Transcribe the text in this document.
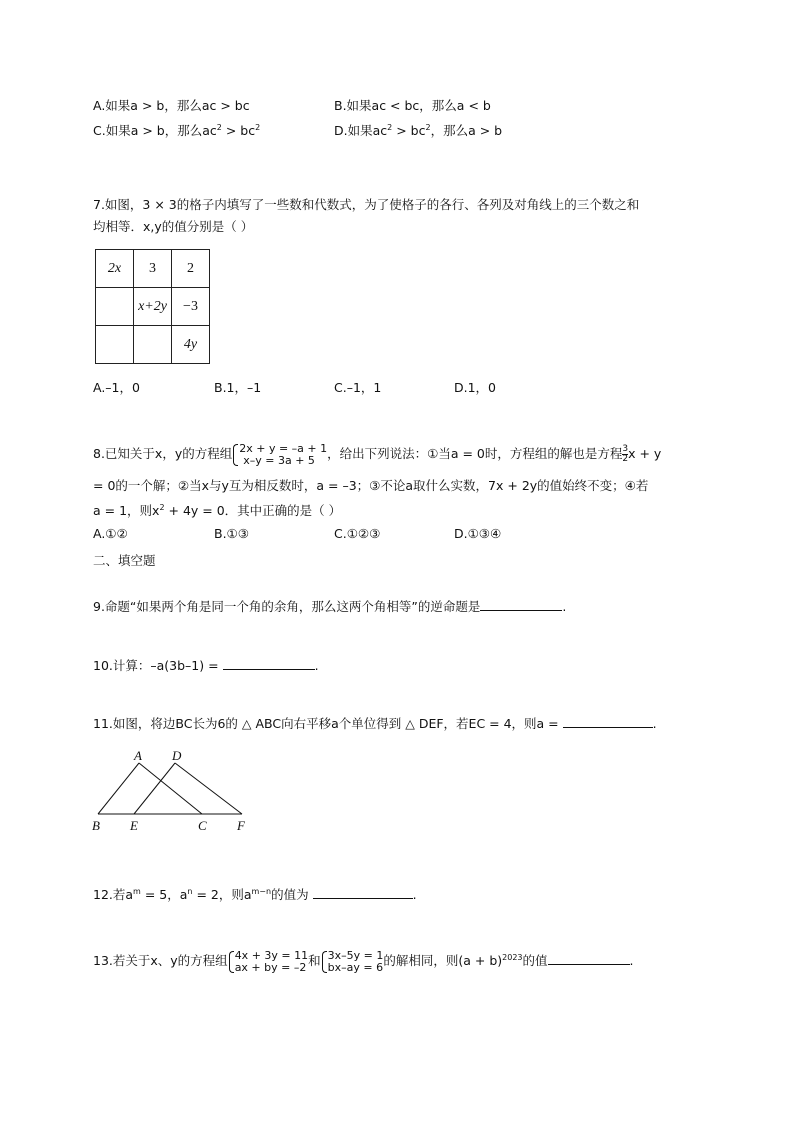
A.如果a > b，那么ac > bc	B.如果ac < bc，那么a < b
C.如果a > b，那么$ac^2 > bc^2$	D.如果$ac^2 > bc^2$，那么a > b
7.如图，3 × 3的格子内填写了一些数和代数式，为了使格子的各行、各列及对角线上的三个数之和
均相等．x,y的值分别是（ ）
2x	3	2
	x+2y	−3
		4y
A.–1，0	B.1，–1	C.–1，1	D.1，0
8.已知关于x，y的方程组 2x + y = –a + 1
x–y = 3a + 5 ，给出下列说法：①当a = 0时，方程组的解也是方程 $\frac{3}{2}$ x + y
= 0的一个解；②当x与y互为相反数时，a = –3；③不论a取什么实数，7x + 2y的值始终不变；④若
a = 1，则$x^2 + 4y = 0$．其中正确的是（ ）
A.①②	B.①③	C.①②③	D.①③④
二、填空题
9.命题“如果两个角是同一个角的余角，那么这两个角相等”的逆命题是	.
10.计算：–a(3b–1) =	.
11.如图，将边BC长为6的 △ ABC向右平移a个单位得到 △ DEF，若EC = 4，则a =	.
A D
B E	C F
12.若$a^m = 5$，$a^n = 2$，则$a^{m-n}$的值为	.
13.若关于x、y的方程组 4x + 3y = 11
ax + by = –2 和 3x–5y = 1
bx–ay = 6 的解相同，则$(a + b)^{2023}$的值	.
